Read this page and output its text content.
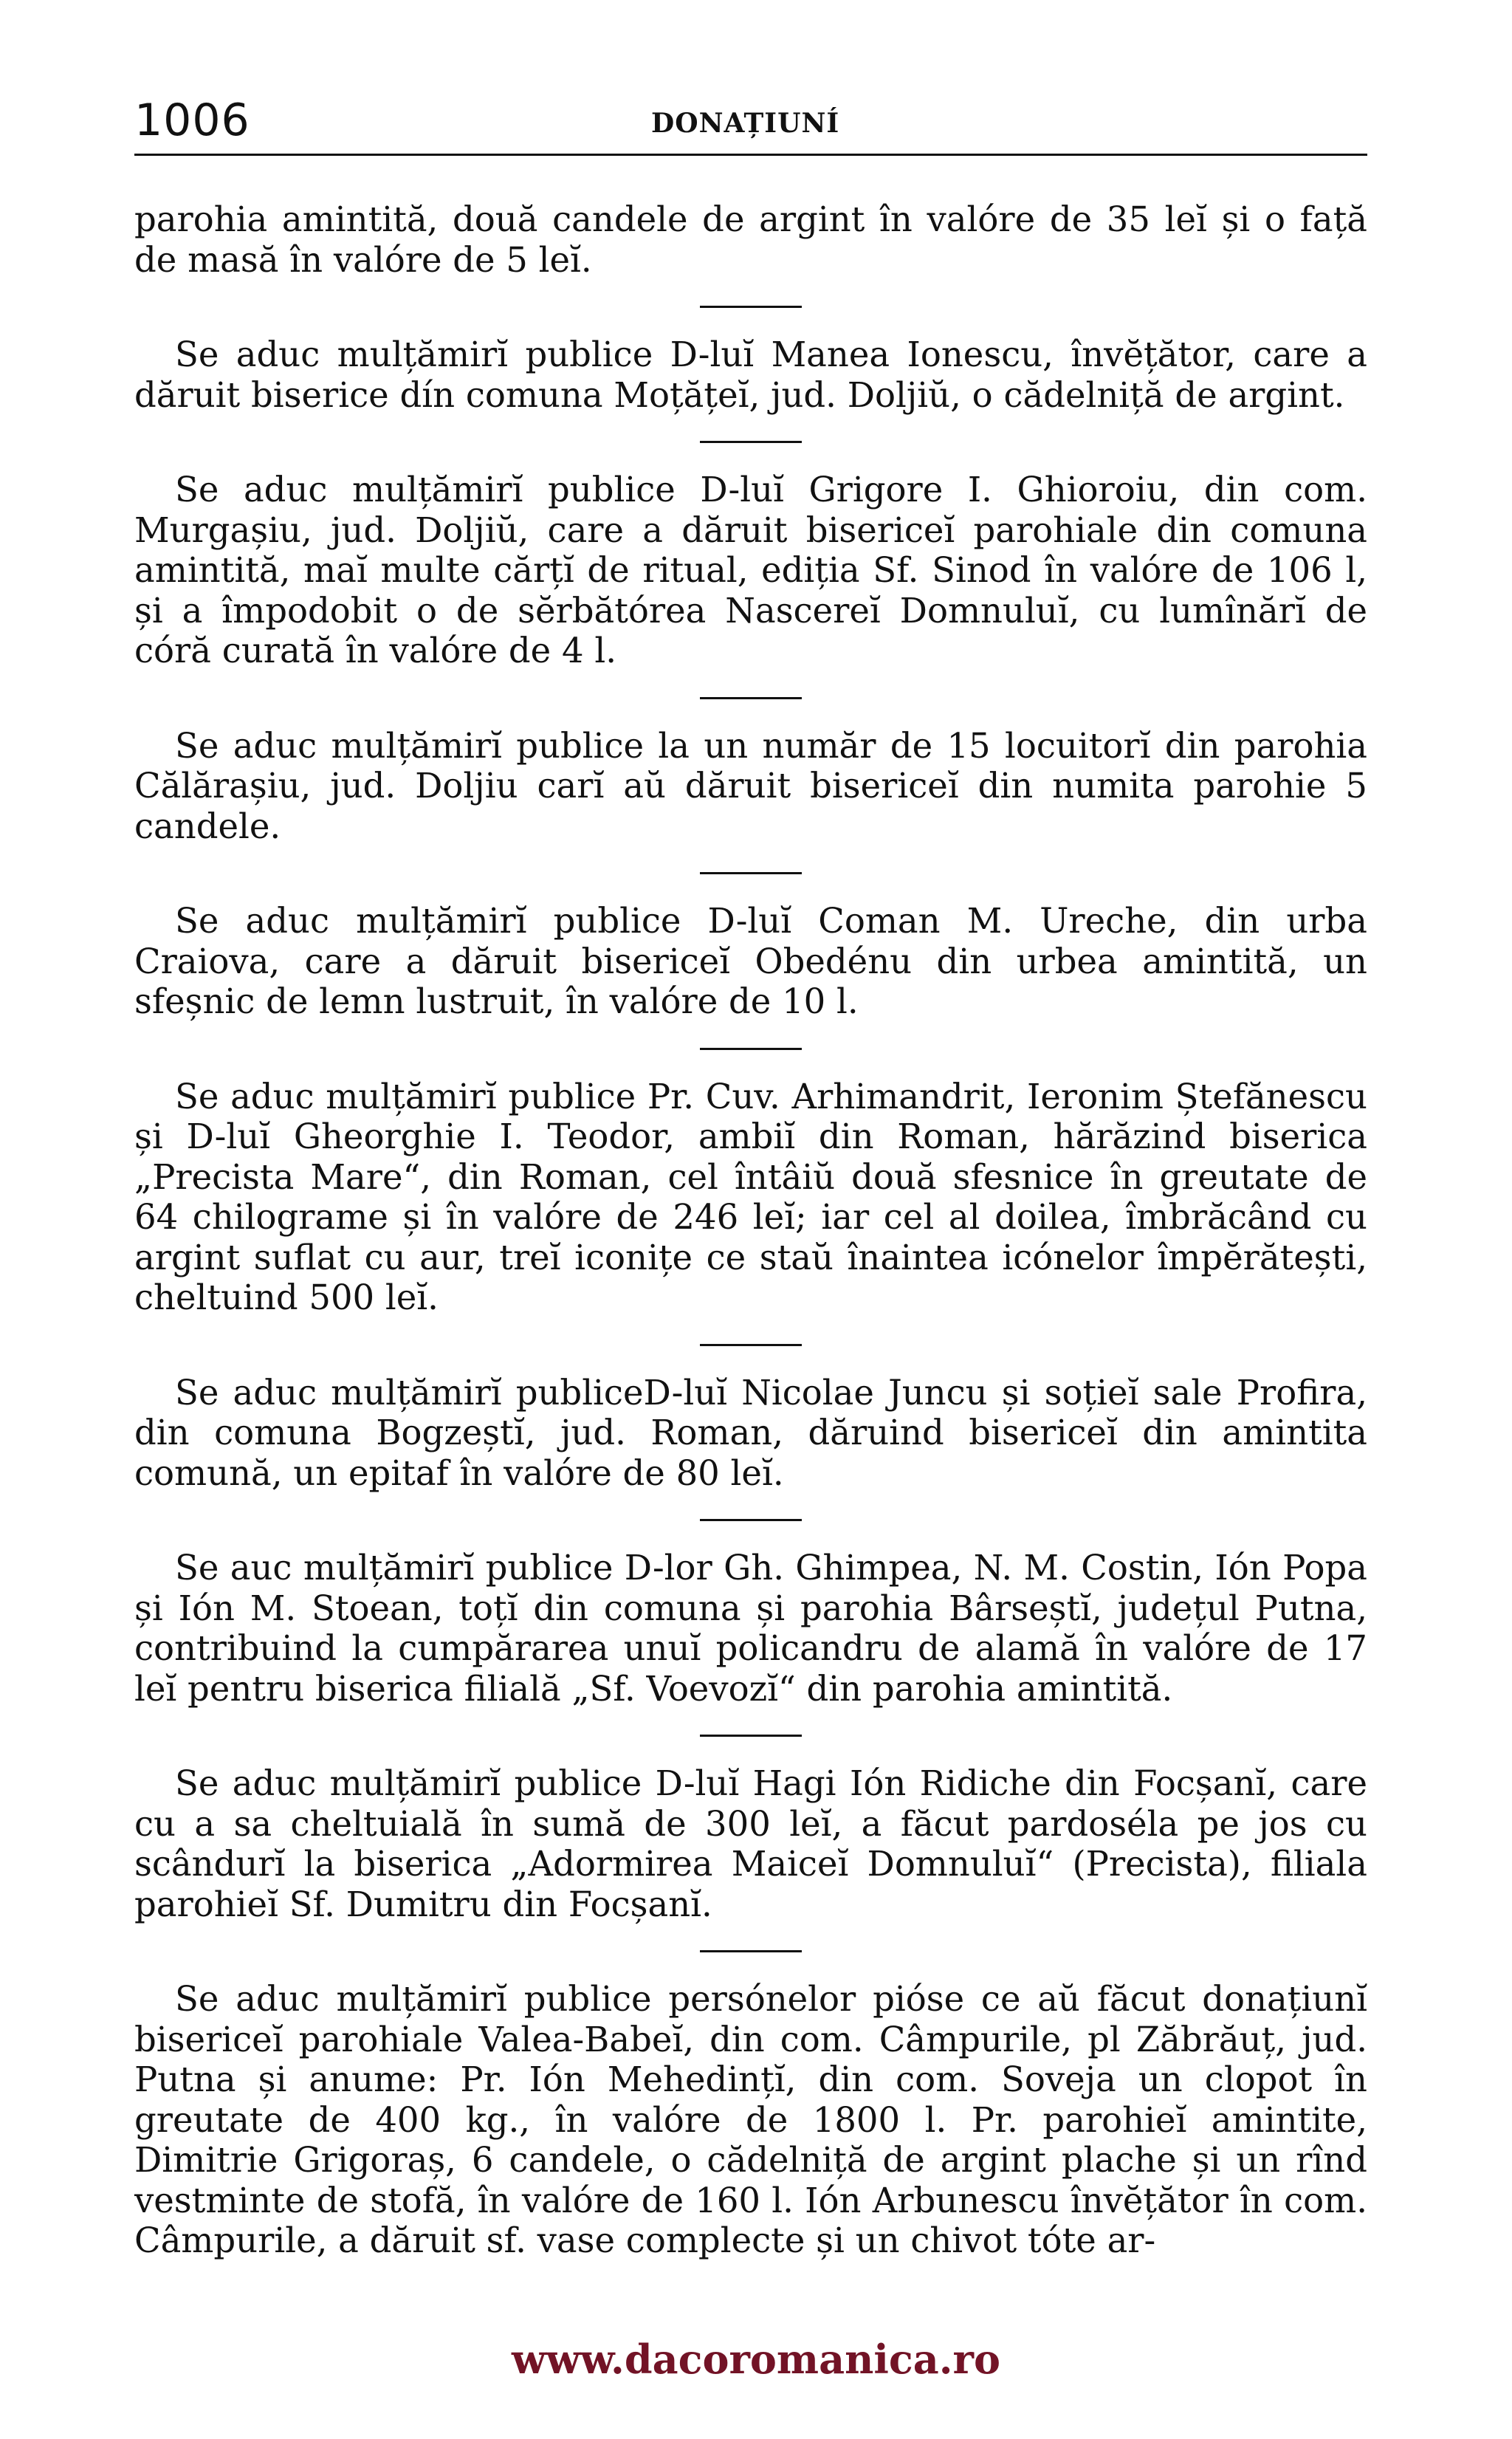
1006	DONAȚIUNÍ

parohia amintită, două candele de argint în valóre de 35 leĭ și o față de masă în valóre de 5 leĭ.

Se aduc mulțămirĭ publice D-luĭ Manea Ionescu, învĕțător, care a dăruit biserice dín comuna Moțățeĭ, jud. Doljiŭ, o cădelniță de argint.

Se aduc mulțămirĭ publice D-luĭ Grigore I. Ghioroiu, din com. Murgașiu, jud. Doljiŭ, care a dăruit bisericeĭ parohiale din comuna amintită, maĭ multe cărțĭ de ritual, ediția Sf. Sinod în valóre de 106 l, și a împodobit o de sĕrbătórea Nascereĭ Domnuluĭ, cu lumînărĭ de córă curată în valóre de 4 l.

Se aduc mulțămirĭ publice la un număr de 15 locuitorĭ din parohia Călărașiu, jud. Doljiu carĭ aŭ dăruit bisericeĭ din numita parohie 5 candele.

Se aduc mulțămirĭ publice D-luĭ Coman M. Ureche, din urba Craiova, care a dăruit bisericeĭ Obedénu din urbea amintită, un sfeșnic de lemn lustruit, în valóre de 10 l.

Se aduc mulțămirĭ publice Pr. Cuv. Arhimandrit, Ieronim Ștefănescu și D-luĭ Gheorghie I. Teodor, ambiĭ din Roman, hărăzind biserica „Precista Mare“, din Roman, cel întâiŭ două sfesnice în greutate de 64 chilograme și în valóre de 246 leĭ; iar cel al doilea, îmbrăcând cu argint suflat cu aur, treĭ iconițe ce staŭ înaintea icónelor împĕrătești, cheltuind 500 leĭ.

Se aduc mulțămirĭ publiceD-luĭ Nicolae Juncu și soțieĭ sale Profira, din comuna Bogzeștĭ, jud. Roman, dăruind bisericeĭ din amintita comună, un epitaf în valóre de 80 leĭ.

Se auc mulțămirĭ publice D-lor Gh. Ghimpea, N. M. Costin, Ión Popa și Ión M. Stoean, toțĭ din comuna și parohia Bârseștĭ, județul Putna, contribuind la cumpărarea unuĭ policandru de alamă în valóre de 17 leĭ pentru biserica filială „Sf. Voevozĭ“ din parohia amintită.

Se aduc mulțămirĭ publice D-luĭ Hagi Ión Ridiche din Focșanĭ, care cu a sa cheltuială în sumă de 300 leĭ, a făcut pardoséla pe jos cu scândurĭ la biserica „Adormirea Maiceĭ Domnuluĭ“ (Precista), filiala parohieĭ Sf. Dumitru din Focșanĭ.

Se aduc mulțămirĭ publice persónelor pióse ce aŭ făcut donațiunĭ bisericeĭ parohiale Valea-Babeĭ, din com. Câmpurile, pl Zăbrăuț, jud. Putna și anume: Pr. Ión Mehedințĭ, din com. Soveja un clopot în greutate de 400 kg., în valóre de 1800 l. Pr. parohieĭ amintite, Dimitrie Grigoraș, 6 candele, o cădelniță de argint plache și un rînd vestminte de stofă, în valóre de 160 l. Ión Arbunescu învĕțător în com. Câmpurile, a dăruit sf. vase complecte și un chivot tóte ar-

www.dacoromanica.ro
